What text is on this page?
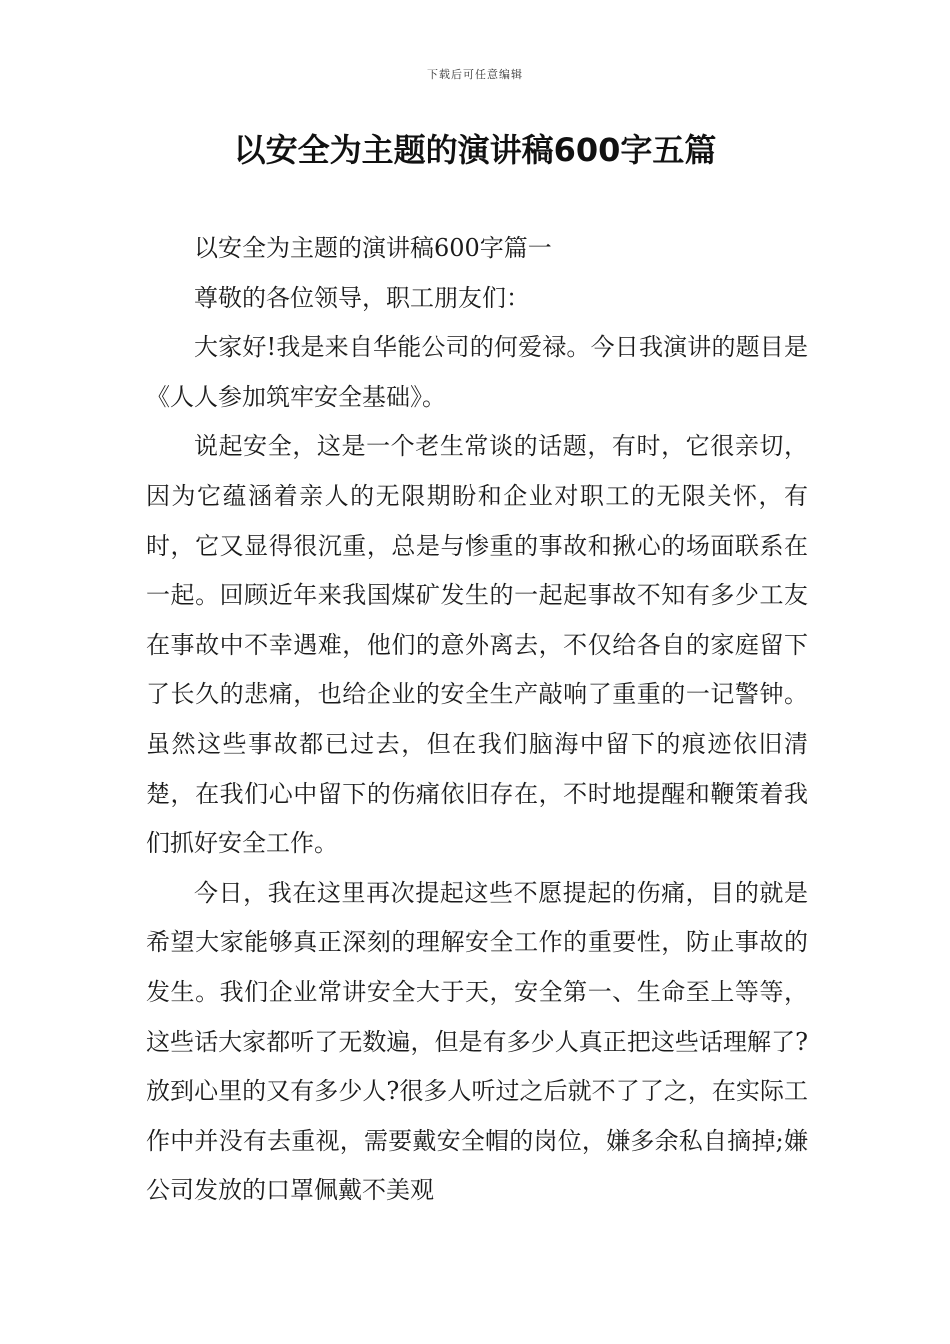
下载后可任意编辑
以安全为主题的演讲稿600字五篇

以安全为主题的演讲稿600字篇一

尊敬的各位领导，职工朋友们：

大家好!我是来自华能公司的何爱禄。今日我演讲的题目是《人人参加筑牢安全基础》。

说起安全，这是一个老生常谈的话题，有时，它很亲切，因为它蕴涵着亲人的无限期盼和企业对职工的无限关怀，有时，它又显得很沉重，总是与惨重的事故和揪心的场面联系在一起。回顾近年来我国煤矿发生的一起起事故不知有多少工友在事故中不幸遇难，他们的意外离去，不仅给各自的家庭留下了长久的悲痛，也给企业的安全生产敲响了重重的一记警钟。虽然这些事故都已过去，但在我们脑海中留下的痕迹依旧清楚，在我们心中留下的伤痛依旧存在，不时地提醒和鞭策着我们抓好安全工作。

今日，我在这里再次提起这些不愿提起的伤痛，目的就是希望大家能够真正深刻的理解安全工作的重要性，防止事故的发生。我们企业常讲安全大于天，安全第一、生命至上等等，这些话大家都听了无数遍，但是有多少人真正把这些话理解了?放到心里的又有多少人?很多人听过之后就不了了之，在实际工作中并没有去重视，需要戴安全帽的岗位，嫌多余私自摘掉;嫌公司发放的口罩佩戴不美观
